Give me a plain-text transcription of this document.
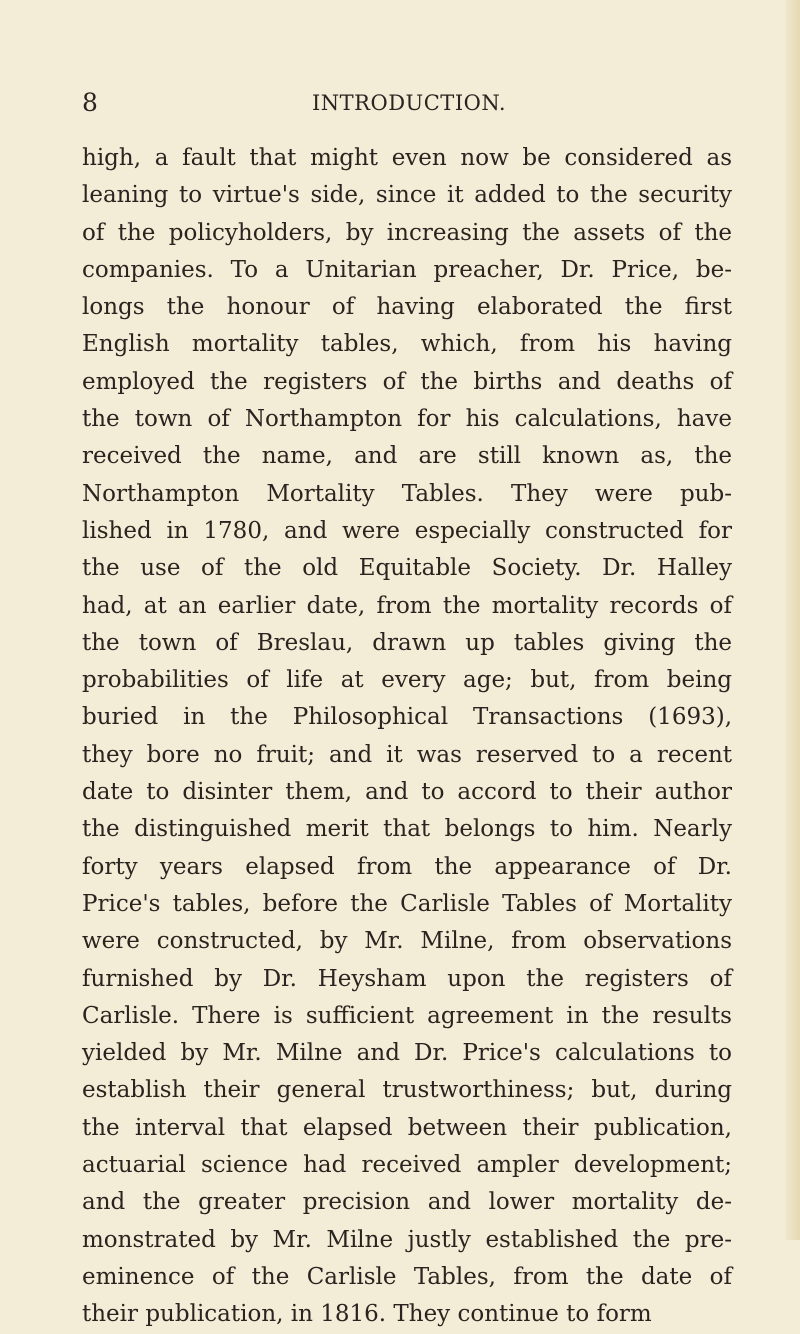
8	INTRODUCTION.
high, a fault that might even now be considered as
leaning to virtue's side, since it added to the security
of the policyholders, by increasing the assets of the
companies. To a Unitarian preacher, Dr. Price, be-
longs the honour of having elaborated the first
English mortality tables, which, from his having
employed the registers of the births and deaths of
the town of Northampton for his calculations, have
received the name, and are still known as, the
Northampton Mortality Tables. They were pub-
lished in 1780, and were especially constructed for
the use of the old Equitable Society. Dr. Halley
had, at an earlier date, from the mortality records of
the town of Breslau, drawn up tables giving the
probabilities of life at every age; but, from being
buried in the Philosophical Transactions (1693),
they bore no fruit; and it was reserved to a recent
date to disinter them, and to accord to their author
the distinguished merit that belongs to him. Nearly
forty years elapsed from the appearance of Dr.
Price's tables, before the Carlisle Tables of Mortality
were constructed, by Mr. Milne, from observations
furnished by Dr. Heysham upon the registers of
Carlisle. There is sufficient agreement in the results
yielded by Mr. Milne and Dr. Price's calculations to
establish their general trustworthiness; but, during
the interval that elapsed between their publication,
actuarial science had received ampler development;
and the greater precision and lower mortality de-
monstrated by Mr. Milne justly established the pre-
eminence of the Carlisle Tables, from the date of
their publication, in 1816. They continue to form
